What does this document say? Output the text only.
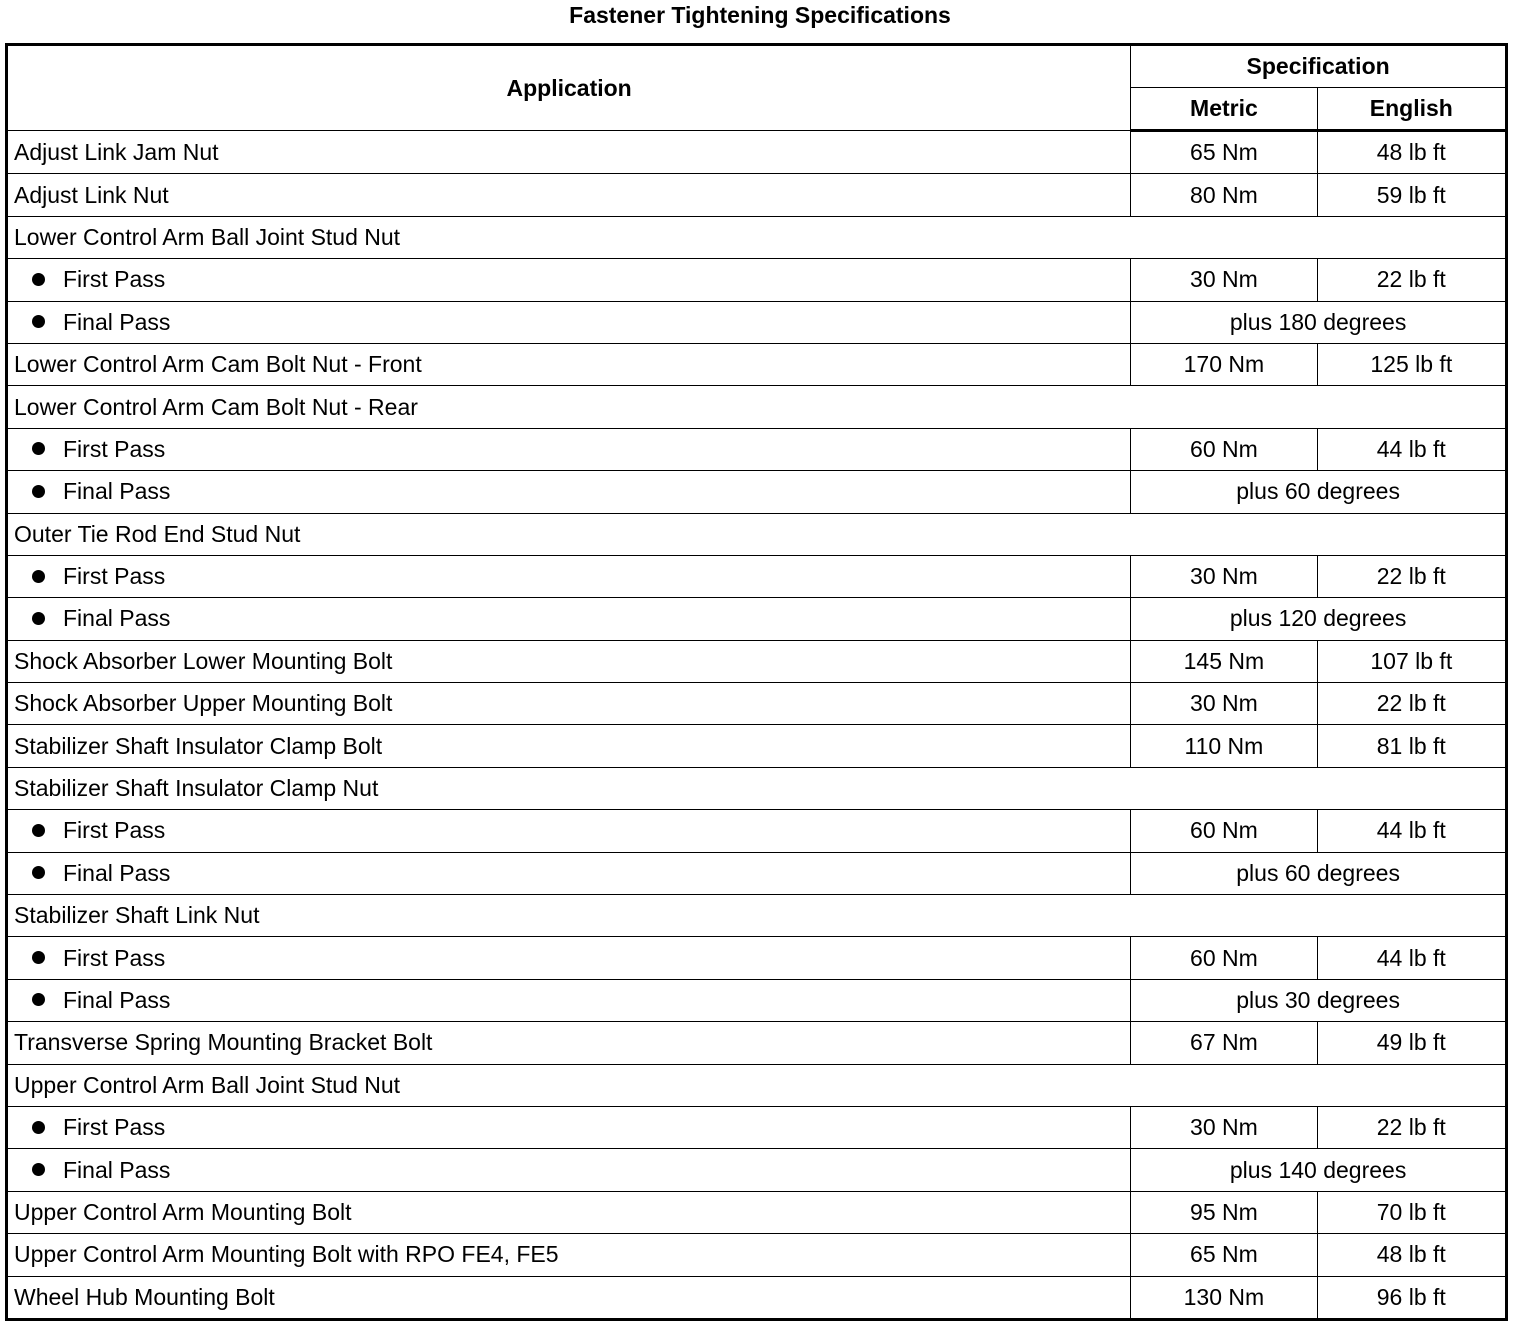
Fastener Tightening Specifications
Application	Specification	
	Metric	English
Adjust Link Jam Nut	65 Nm	48 lb ft
Adjust Link Nut	80 Nm	59 lb ft
Lower Control Arm Ball Joint Stud Nut		
First Pass	30 Nm	22 lb ft
Final Pass	plus 180 degrees	
Lower Control Arm Cam Bolt Nut - Front	170 Nm	125 lb ft
Lower Control Arm Cam Bolt Nut - Rear		
First Pass	60 Nm	44 lb ft
Final Pass	plus 60 degrees	
Outer Tie Rod End Stud Nut		
First Pass	30 Nm	22 lb ft
Final Pass	plus 120 degrees	
Shock Absorber Lower Mounting Bolt	145 Nm	107 lb ft
Shock Absorber Upper Mounting Bolt	30 Nm	22 lb ft
Stabilizer Shaft Insulator Clamp Bolt	110 Nm	81 lb ft
Stabilizer Shaft Insulator Clamp Nut		
First Pass	60 Nm	44 lb ft
Final Pass	plus 60 degrees	
Stabilizer Shaft Link Nut		
First Pass	60 Nm	44 lb ft
Final Pass	plus 30 degrees	
Transverse Spring Mounting Bracket Bolt	67 Nm	49 lb ft
Upper Control Arm Ball Joint Stud Nut		
First Pass	30 Nm	22 lb ft
Final Pass	plus 140 degrees	
Upper Control Arm Mounting Bolt	95 Nm	70 lb ft
Upper Control Arm Mounting Bolt with RPO FE4, FE5	65 Nm	48 lb ft
Wheel Hub Mounting Bolt	130 Nm	96 lb ft
